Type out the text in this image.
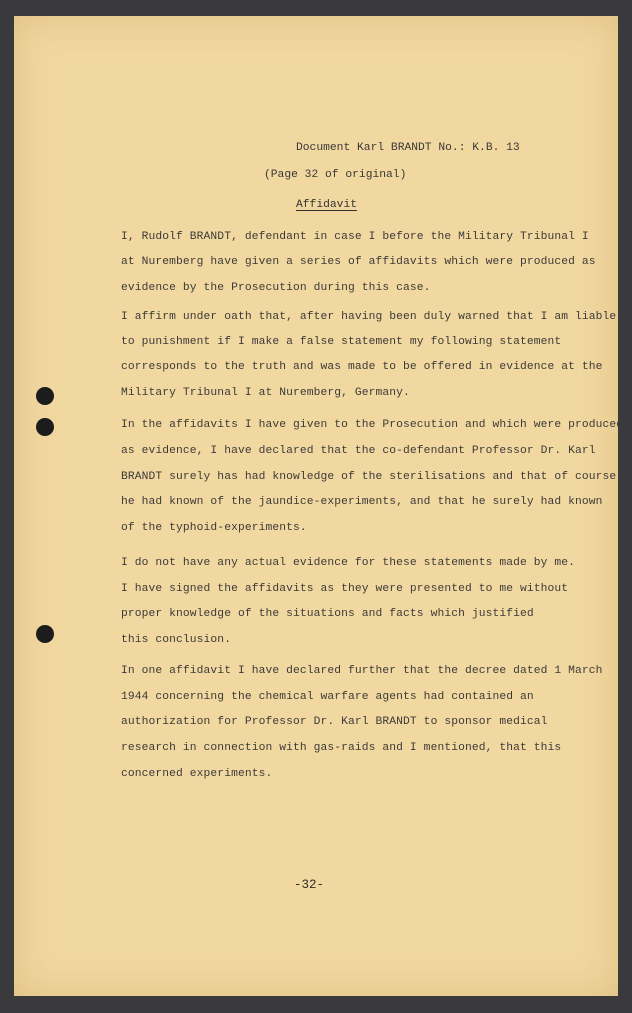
Document Karl BRANDT No.: K.B. 13
(Page 32 of original)
Affidavit
I, Rudolf BRANDT, defendant in case I before the Military Tribunal I
at Nuremberg have given a series of affidavits which were produced as
evidence by the Prosecution during this case.
I affirm under oath that, after having been duly warned that I am liable
to punishment if I make a false statement my following statement
corresponds to the truth and was made to be offered in evidence at the
Military Tribunal I at Nuremberg, Germany.
In the affidavits I have given to the Prosecution and which were produced
as evidence, I have declared that the co-defendant Professor Dr. Karl
BRANDT surely has had knowledge of the sterilisations and that of course
he had known of the jaundice-experiments, and that he surely had known
of the typhoid-experiments.
I do not have any actual evidence for these statements made by me.
I have signed the affidavits as they were presented to me without
proper knowledge of the situations and facts which justified
this conclusion.
In one affidavit I have declared further that the decree dated 1 March
1944 concerning the chemical warfare agents had contained an
authorization for Professor Dr. Karl BRANDT to sponsor medical
research in connection with gas-raids and I mentioned, that this
concerned experiments.
-32-
